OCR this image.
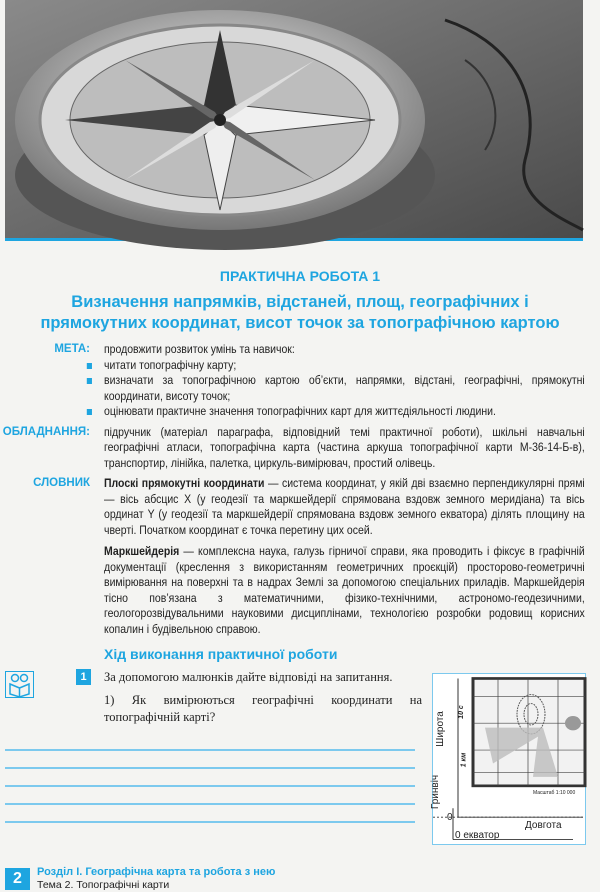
ПРАКТИЧНА РОБОТА 1
Визначення напрямків, відстаней, площ, географічних і прямокутних координат, висот точок за топографічною картою
МЕТА:	продовжити розвиток умінь та навичок:
читати топографічну карту;
визначати за топографічною картою об’єкти, напрямки, відстані, географічні, прямокутні координати, висоту точок;
оцінювати практичне значення топографічних карт для життєдіяльності людини.
ОБЛАДНАННЯ:	підручник (матеріал параграфа, відповідний темі практичної роботи), шкільні навчальні географічні атласи, топографічна карта (частина аркуша топографічної карти М-36-14-Б-в), транспортир, лінійка, палетка, циркуль-вимірювач, простий олівець.
СЛОВНИК	Плоскі прямокутні координати — система координат, у якій дві взаємно перпендикулярні прямі — вісь абсцис X (у геодезії та маркшейдерії спрямована вздовж земного меридіана) та вісь ординат Y (у геодезії та маркшейдерії спрямована вздовж земного екватора) ділять площину на чверті. Початком координат є точка перетину цих осей.

Маркшейдерія — комплексна наука, галузь гірничої справи, яка проводить і фіксує в графічній документації (креслення з використанням геометричних проєкцій) просторово-геометричні вимірювання на поверхні та в надрах Землі за допомогою спеціальних приладів. Маркшейдерія тісно пов’язана з математичними, фізико-технічними, астрономо-геодезичними, геологорозвідувальними науковими дисциплінами, технологією розробки родовищ корисних копалин і будівельною справою.

Хід виконання практичної роботи
1	За допомогою малюнків дайте відповіді на запитання.
1) Як вимірюються географічні координати на топографічній карті?	Широта 10 с
1 км
Гринвіч
0
Масштаб 1:10 000
Довгота
0 екватор
2	Розділ І. Географічна карта та робота з нею
Тема 2. Топографічні карти
